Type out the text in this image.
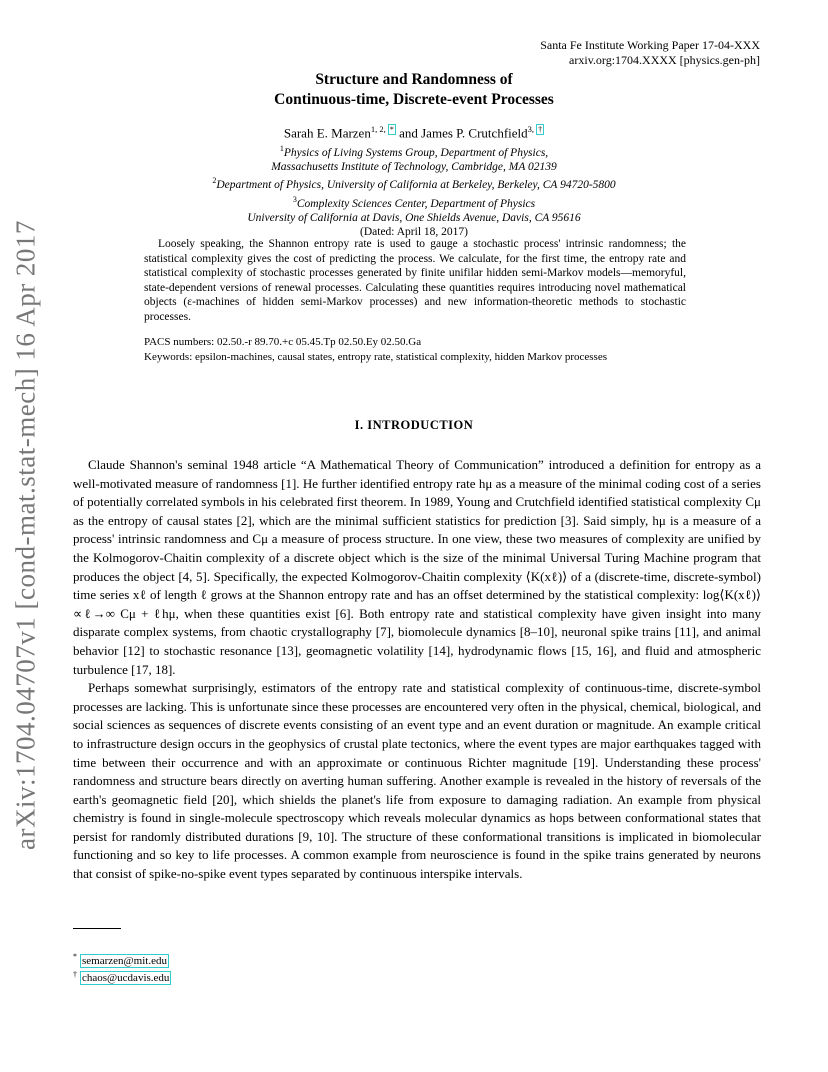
arXiv:1704.04707v1 [cond-mat.stat-mech] 16 Apr 2017
Santa Fe Institute Working Paper 17-04-XXX
arxiv.org:1704.XXXX [physics.gen-ph]
Structure and Randomness of
Continuous-time, Discrete-event Processes
Sarah E. Marzen$^{1, 2, *}$ and James P. Crutchfield$^{3, \dagger}$
$^1$Physics of Living Systems Group, Department of Physics,
Massachusetts Institute of Technology, Cambridge, MA 02139
$^2$Department of Physics, University of California at Berkeley, Berkeley, CA 94720-5800
$^3$Complexity Sciences Center, Department of Physics
University of California at Davis, One Shields Avenue, Davis, CA 95616
(Dated: April 18, 2017)
Loosely speaking, the Shannon entropy rate is used to gauge a stochastic process' intrinsic randomness; the statistical complexity gives the cost of predicting the process. We calculate, for the first time, the entropy rate and statistical complexity of stochastic processes generated by finite unifilar hidden semi-Markov models—memoryful, state-dependent versions of renewal processes. Calculating these quantities requires introducing novel mathematical objects (ε-machines of hidden semi-Markov processes) and new information-theoretic methods to stochastic processes.
PACS numbers: 02.50.-r 89.70.+c 05.45.Tp 02.50.Ey 02.50.Ga
Keywords: epsilon-machines, causal states, entropy rate, statistical complexity, hidden Markov processes
I. INTRODUCTION

Claude Shannon's seminal 1948 article “A Mathematical Theory of Communication” introduced a definition for entropy as a well-motivated measure of randomness [1]. He further identified entropy rate hμ as a measure of the minimal coding cost of a series of potentially correlated symbols in his celebrated first theorem. In 1989, Young and Crutchfield identified statistical complexity Cμ as the entropy of causal states [2], which are the minimal sufficient statistics for prediction [3]. Said simply, hμ is a measure of a process' intrinsic randomness and Cμ a measure of process structure. In one view, these two measures of complexity are unified by the Kolmogorov-Chaitin complexity of a discrete object which is the size of the minimal Universal Turing Machine program that produces the object [4, 5]. Specifically, the expected Kolmogorov-Chaitin complexity ⟨K(xℓ)⟩ of a (discrete-time, discrete-symbol) time series xℓ of length ℓ grows at the Shannon entropy rate and has an offset determined by the statistical complexity: log⟨K(xℓ)⟩ ∝ℓ→∞ Cμ + ℓhμ, when these quantities exist [6]. Both entropy rate and statistical complexity have given insight into many disparate complex systems, from chaotic crystallography [7], biomolecule dynamics [8–10], neuronal spike trains [11], and animal behavior [12] to stochastic resonance [13], geomagnetic volatility [14], hydrodynamic flows [15, 16], and fluid and atmospheric turbulence [17, 18].

Perhaps somewhat surprisingly, estimators of the entropy rate and statistical complexity of continuous-time, discrete-symbol processes are lacking. This is unfortunate since these processes are encountered very often in the physical, chemical, biological, and social sciences as sequences of discrete events consisting of an event type and an event duration or magnitude. An example critical to infrastructure design occurs in the geophysics of crustal plate tectonics, where the event types are major earthquakes tagged with time between their occurrence and with an approximate or continuous Richter magnitude [19]. Understanding these process' randomness and structure bears directly on averting human suffering. Another example is revealed in the history of reversals of the earth's geomagnetic field [20], which shields the planet's life from exposure to damaging radiation. An example from physical chemistry is found in single-molecule spectroscopy which reveals molecular dynamics as hops between conformational states that persist for randomly distributed durations [9, 10]. The structure of these conformational transitions is implicated in biomolecular functioning and so key to life processes. A common example from neuroscience is found in the spike trains generated by neurons that consist of spike-no-spike event types separated by continuous interspike intervals.

* semarzen@mit.edu
† chaos@ucdavis.edu
